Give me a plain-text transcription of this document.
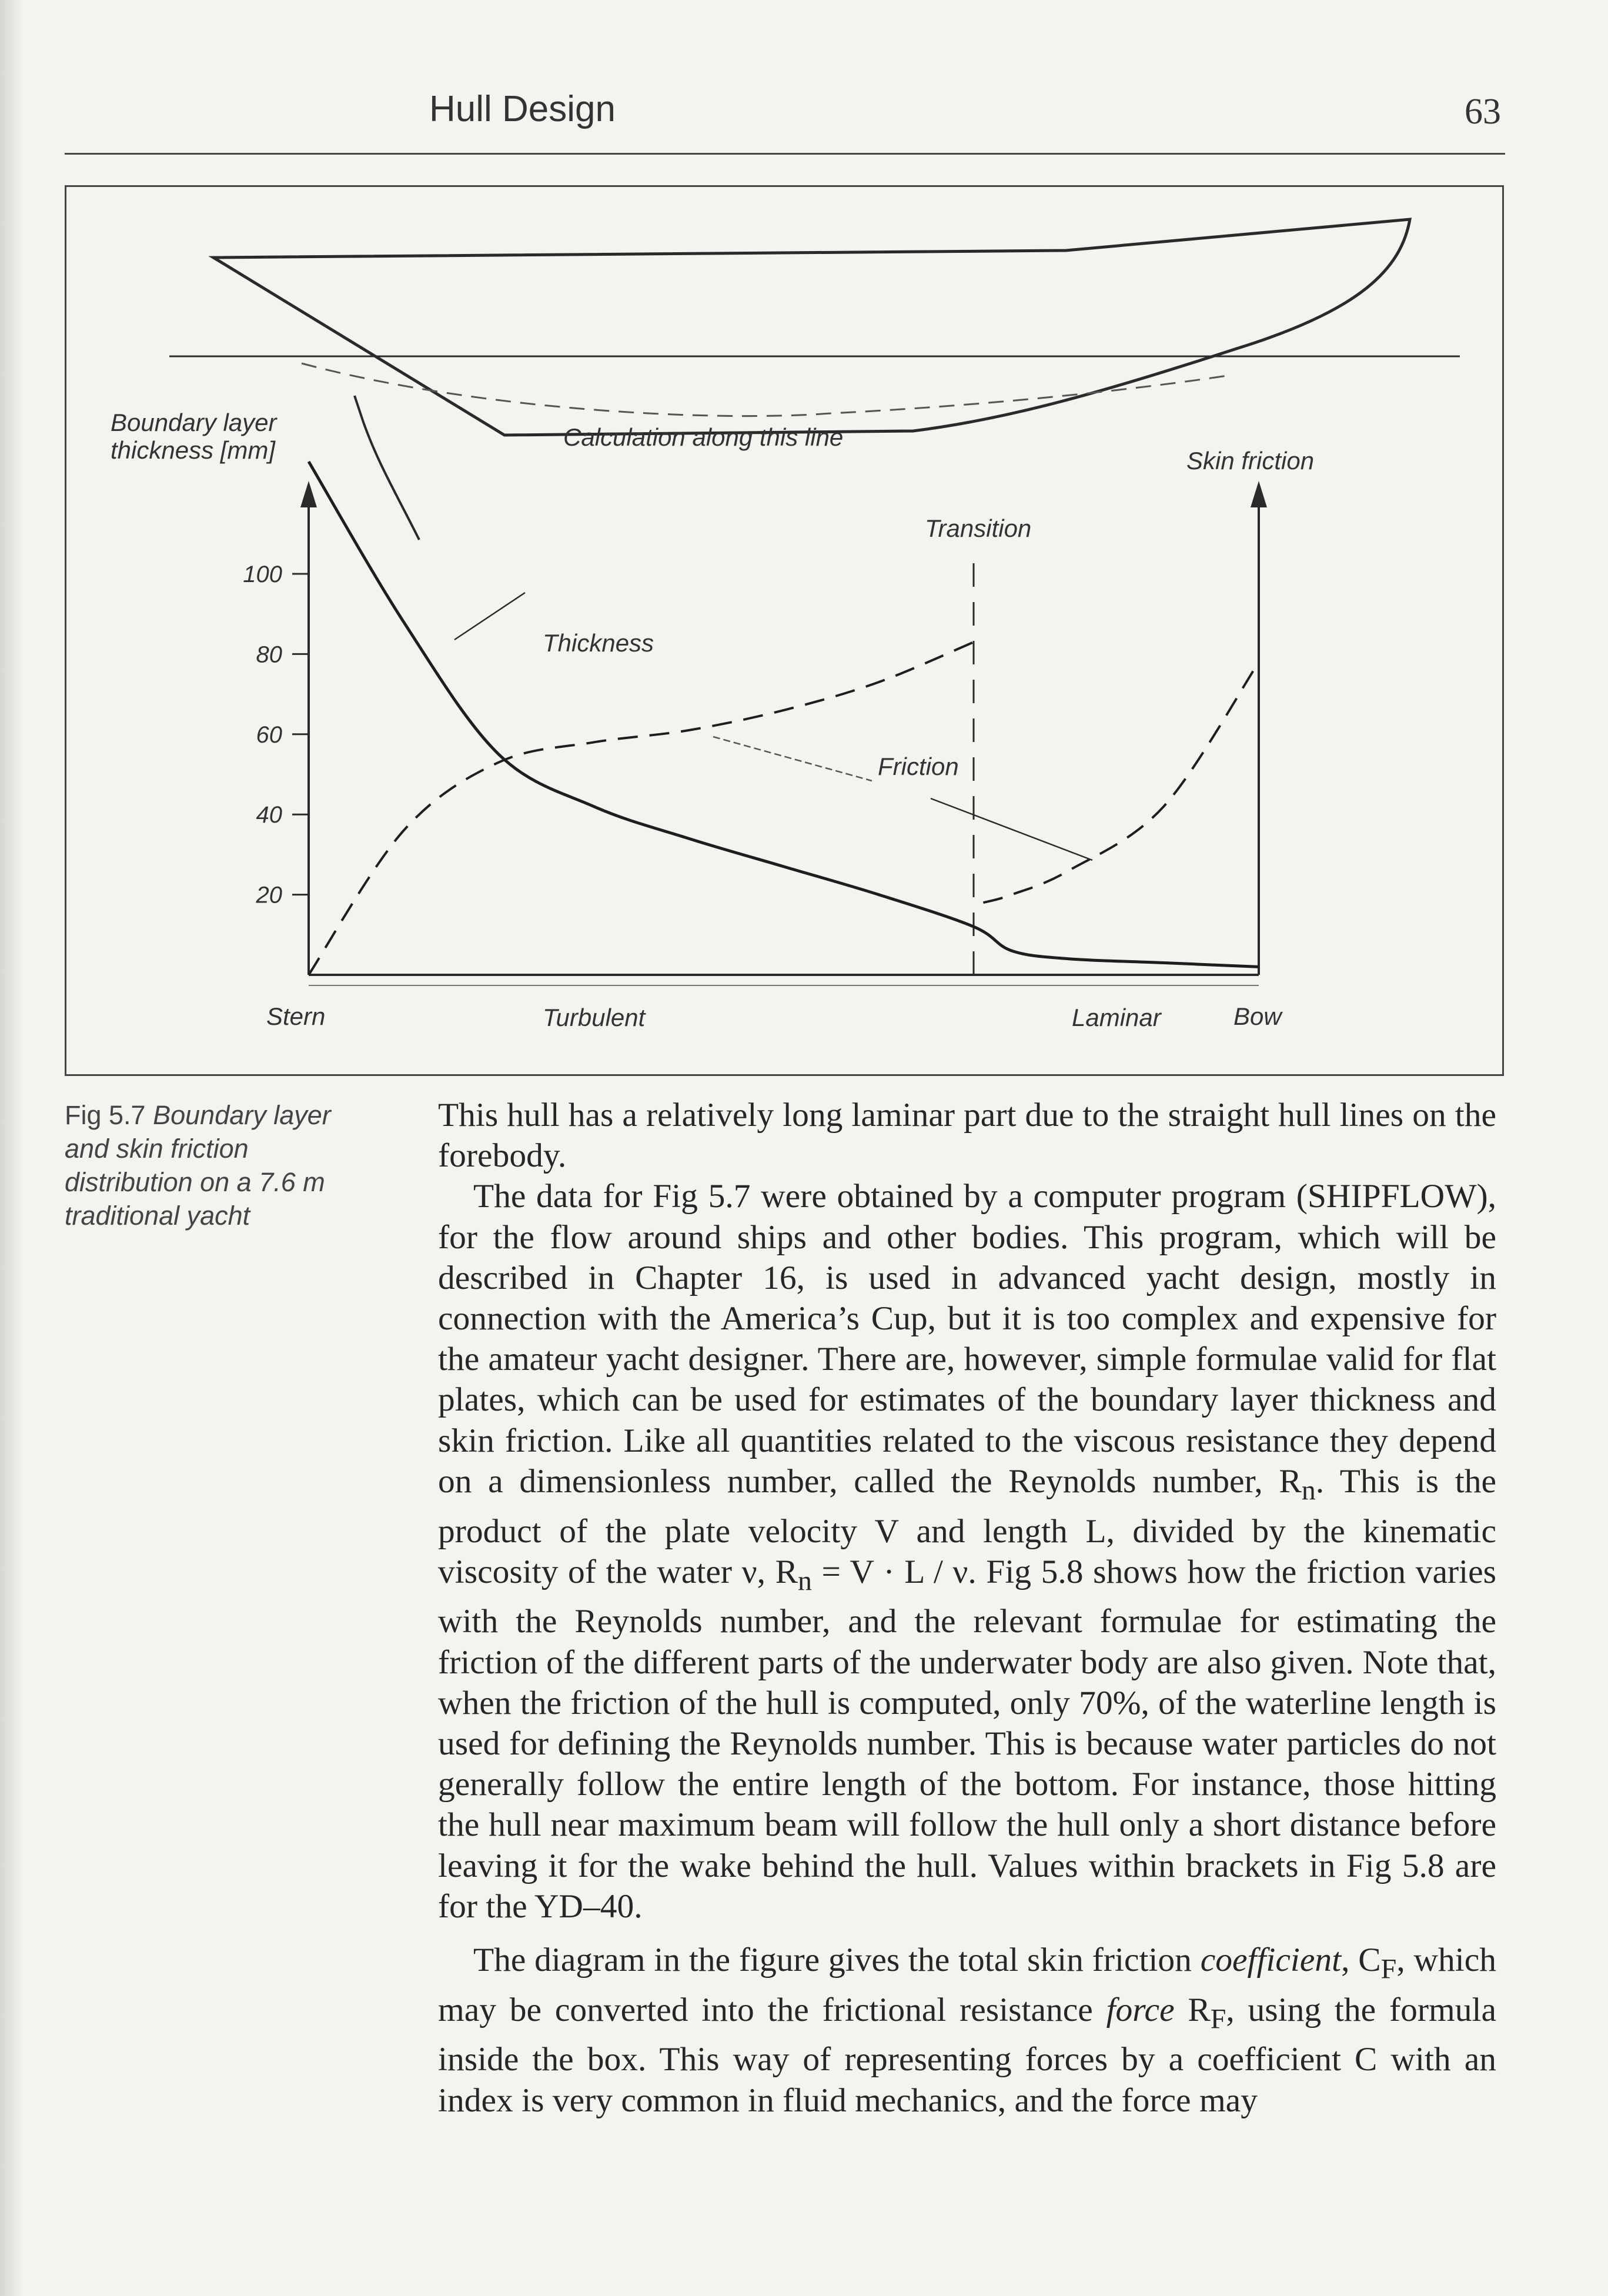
Hull Design	63
20
40
60
80
100
Boundary layer
thickness [mm]	Calculation along this line
Skin friction
Transition
Thickness
Friction
Stern	Turbulent	Laminar	Bow
Fig 5.7 Boundary layer and skin friction distribution on a 7.6 m traditional yacht

This hull has a relatively long laminar part due to the straight hull lines on the forebody.

The data for Fig 5.7 were obtained by a computer program (SHIPFLOW), for the flow around ships and other bodies. This program, which will be described in Chapter 16, is used in advanced yacht design, mostly in connection with the America’s Cup, but it is too complex and expensive for the amateur yacht designer. There are, however, simple formulae valid for flat plates, which can be used for estimates of the boundary layer thickness and skin friction. Like all quantities related to the viscous resistance they depend on a dimensionless number, called the Reynolds number, $R_n$. This is the product of the plate velocity V and length L, divided by the kinematic viscosity of the water ν, $R_n = V \cdot L / \nu$. Fig 5.8 shows how the friction varies with the Reynolds number, and the relevant formulae for estimating the friction of the different parts of the underwater body are also given. Note that, when the friction of the hull is computed, only 70%, of the waterline length is used for defining the Reynolds number. This is because water particles do not generally follow the entire length of the bottom. For instance, those hitting the hull near maximum beam will follow the hull only a short distance before leaving it for the wake behind the hull. Values within brackets in Fig 5.8 are for the YD–40.

The diagram in the figure gives the total skin friction coefficient, $C_F$, which may be converted into the frictional resistance force $R_F$, using the formula inside the box. This way of representing forces by a coefficient C with an index is very common in fluid mechanics, and the force may
